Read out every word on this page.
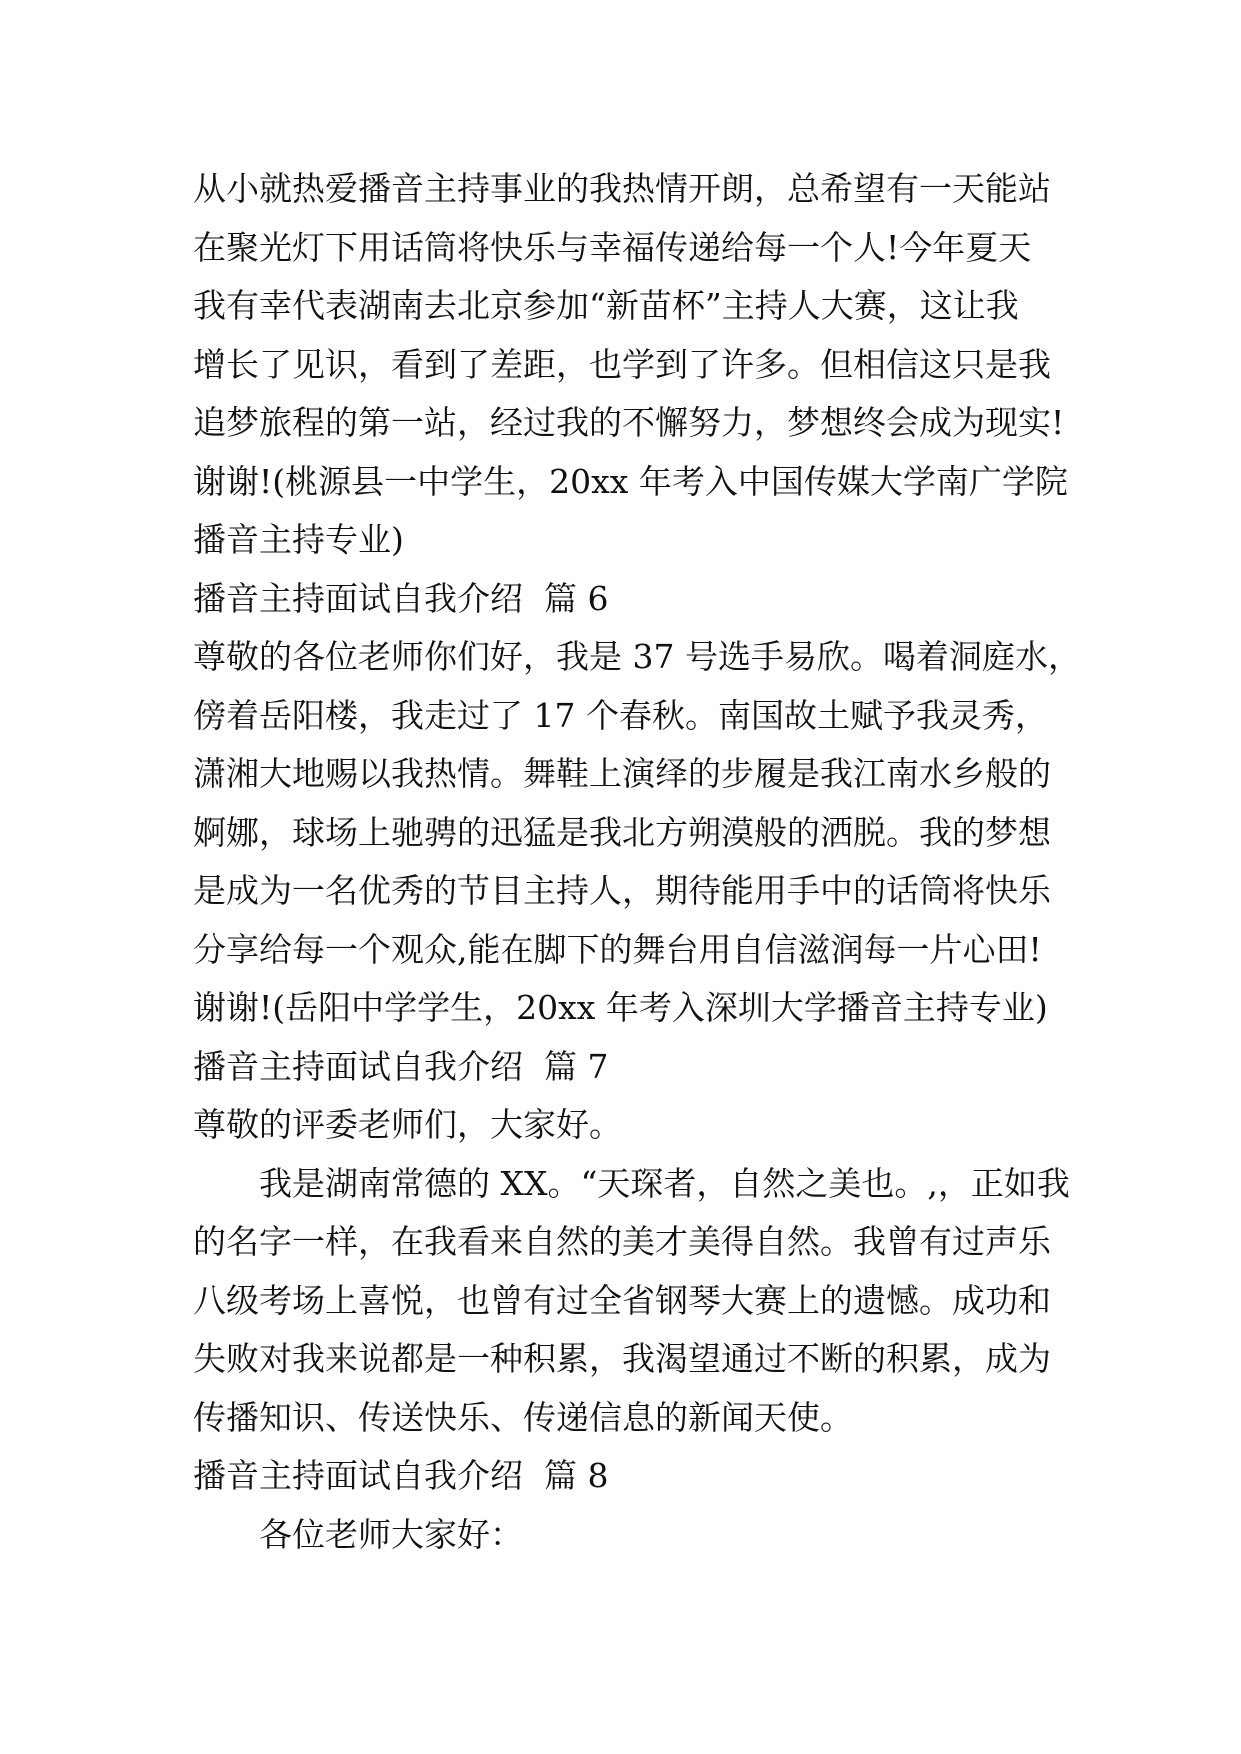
从小就热爱播音主持事业的我热情开朗，总希望有一天能站
在聚光灯下用话筒将快乐与幸福传递给每一个人!今年夏天
我有幸代表湖南去北京参加“新苗杯”主持人大赛，这让我
增长了见识，看到了差距，也学到了许多。但相信这只是我
追梦旅程的第一站，经过我的不懈努力，梦想终会成为现实!
谢谢!(桃源县一中学生，20xx 年考入中国传媒大学南广学院
播音主持专业)
播音主持面试自我介绍  篇 6
尊敬的各位老师你们好，我是 37 号选手易欣。喝着洞庭水，
傍着岳阳楼，我走过了 17 个春秋。南国故土赋予我灵秀，
潇湘大地赐以我热情。舞鞋上演绎的步履是我江南水乡般的
婀娜，球场上驰骋的迅猛是我北方朔漠般的洒脱。我的梦想
是成为一名优秀的节目主持人，期待能用手中的话筒将快乐
分享给每一个观众,能在脚下的舞台用自信滋润每一片心田!
谢谢!(岳阳中学学生，20xx 年考入深圳大学播音主持专业)
播音主持面试自我介绍  篇 7
尊敬的评委老师们，大家好。
我是湖南常德的 XX。“天琛者，自然之美也。,，正如我
的名字一样，在我看来自然的美才美得自然。我曾有过声乐
八级考场上喜悦，也曾有过全省钢琴大赛上的遗憾。成功和
失败对我来说都是一种积累，我渴望通过不断的积累，成为
传播知识、传送快乐、传递信息的新闻天使。
播音主持面试自我介绍  篇 8
各位老师大家好：
